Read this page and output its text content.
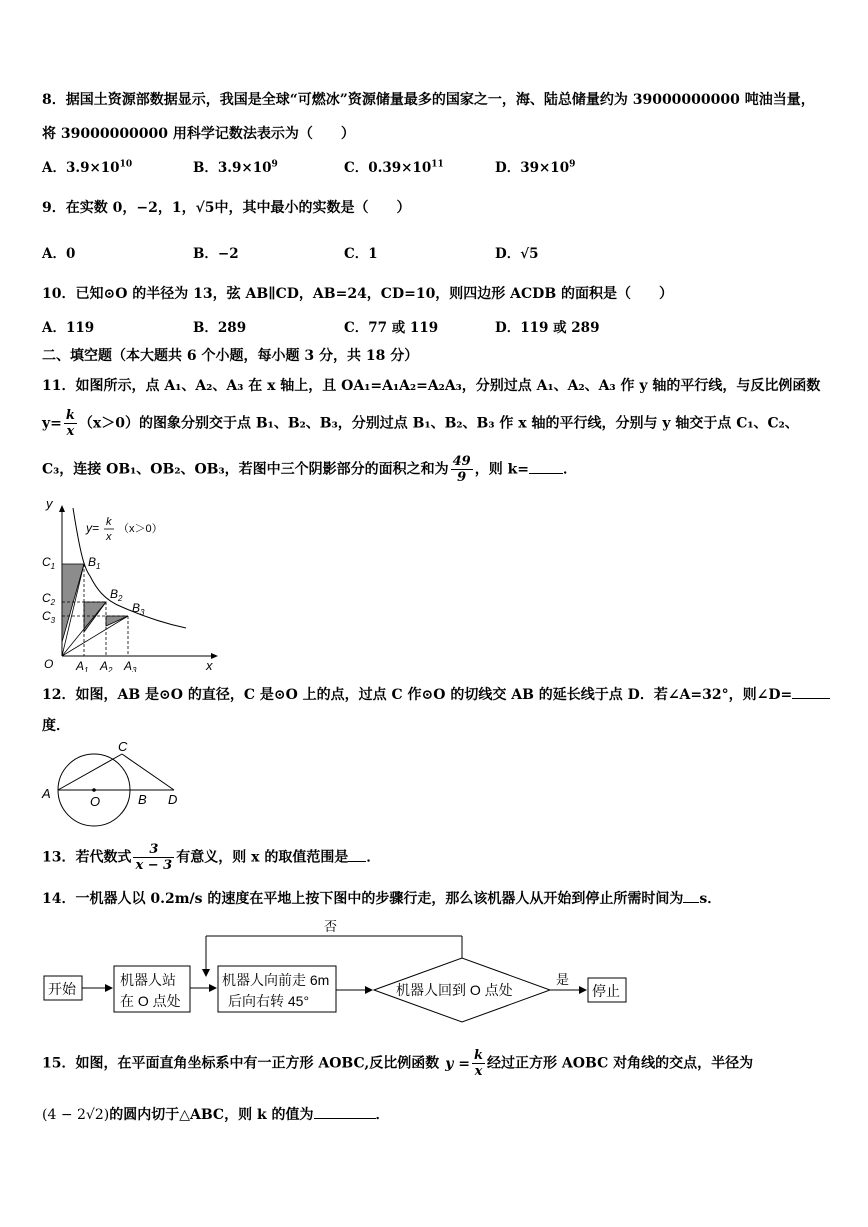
8．据国土资源部数据显示，我国是全球“可燃冰”资源储量最多的国家之一，海、陆总储量约为 39000000000 吨油当量，
将 39000000000 用科学记数法表示为（　　）
A．$3.9\times 10^{10}$	B．$3.9\times 10^9$	C．$0.39\times 10^{11}$	D．$39\times 10^9$
9．在实数 0，−2，1，√5中，其中最小的实数是（　　）
A．0	B．−2	C．1	D．√5
10．已知⊙O 的半径为 13，弦 AB∥CD，AB=24，CD=10，则四边形 ACDB 的面积是（　　）
A．119	B．289	C．77 或 119	D．119 或 289
二、填空题（本大题共 6 个小题，每小题 3 分，共 18 分）
11．如图所示，点 A₁、A₂、A₃ 在 x 轴上，且 OA₁=A₁A₂=A₂A₃，分别过点 A₁、A₂、A₃ 作 y 轴的平行线，与反比例函数
$y= \frac{k}{x} (x>0)$的图象分别交于点 B₁、B₂、B₃，分别过点 B₁、B₂、B₃ 作 x 轴的平行线，分别与 y 轴交于点 C₁、C₂、
C₃，连接 OB₁、OB₂、OB₃，若图中三个阴影部分的面积之和为 $\frac{49}{9}$ ，则 k= ．
y
x
O
y= k
x
（x＞0）
$C_1$
$C_2$
$C_3$
$B_1$
$B_2$
$B_3$
$A_1$ $A_2$ $A_3$
12．如图，AB 是⊙O 的直径，C 是⊙O 上的点，过点 C 作⊙O 的切线交 AB 的延长线于点 D．若∠A=32°，则∠D=
度．
A
C
O	B D
13．若代数式 $\frac{3}{x - 3}$ 有意义，则 x 的取值范围是 ．
14．一机器人以 0.2m/s 的速度在平地上按下图中的步骤行走，那么该机器人从开始到停止所需时间为 s．
开始
机器人站
在 O 点处
机器人向前走 6m
后向右转 45°
机器人回到 O 点处
是
停止
否
15．如图，在平面直角坐标系中有一正方形 AOBC,反比例函数 $y = \frac{k}{x}$ 经过正方形 AOBC 对角线的交点，半径为
(4 − 2√2)的圆内切于△ABC，则 k 的值为	．
